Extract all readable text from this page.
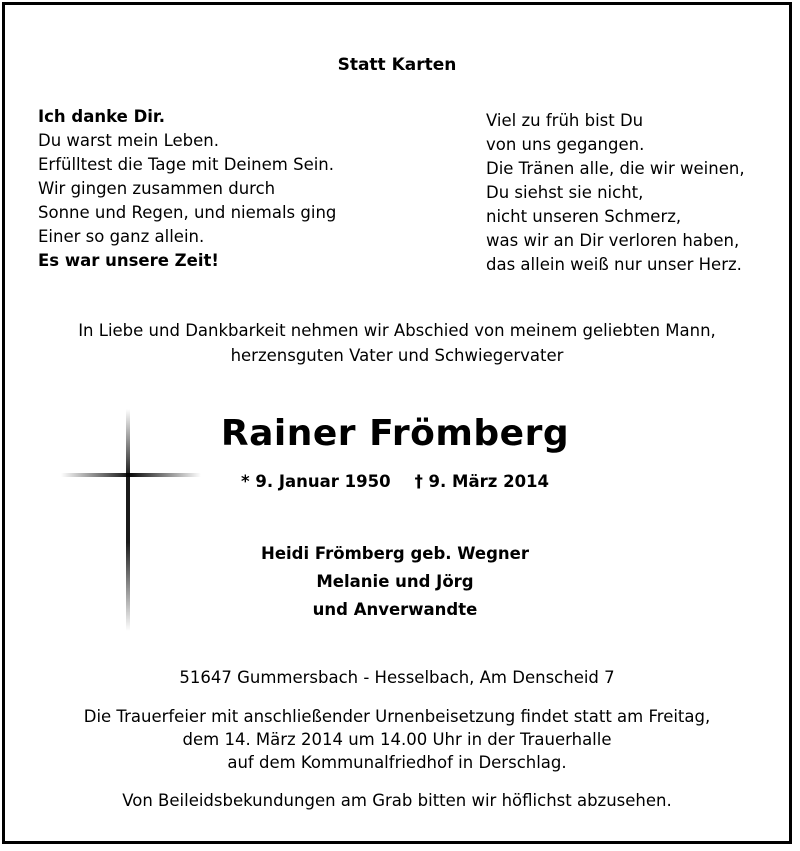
Statt Karten
Ich danke Dir.
Du warst mein Leben.
Erfülltest die Tage mit Deinem Sein.
Wir gingen zusammen durch
Sonne und Regen, und niemals ging
Einer so ganz allein.
Es war unsere Zeit!
Viel zu früh bist Du
von uns gegangen.
Die Tränen alle, die wir weinen,
Du siehst sie nicht,
nicht unseren Schmerz,
was wir an Dir verloren haben,
das allein weiß nur unser Herz.
In Liebe und Dankbarkeit nehmen wir Abschied von meinem geliebten Mann,
herzensguten Vater und Schwiegervater
Rainer Frömberg
* 9. Januar 1950 † 9. März 2014
Heidi Frömberg geb. Wegner
Melanie und Jörg
und Anverwandte
51647 Gummersbach - Hesselbach, Am Denscheid 7
Die Trauerfeier mit anschließender Urnenbeisetzung findet statt am Freitag,
dem 14. März 2014 um 14.00 Uhr in der Trauerhalle
auf dem Kommunalfriedhof in Derschlag.
Von Beileidsbekundungen am Grab bitten wir höflichst abzusehen.
